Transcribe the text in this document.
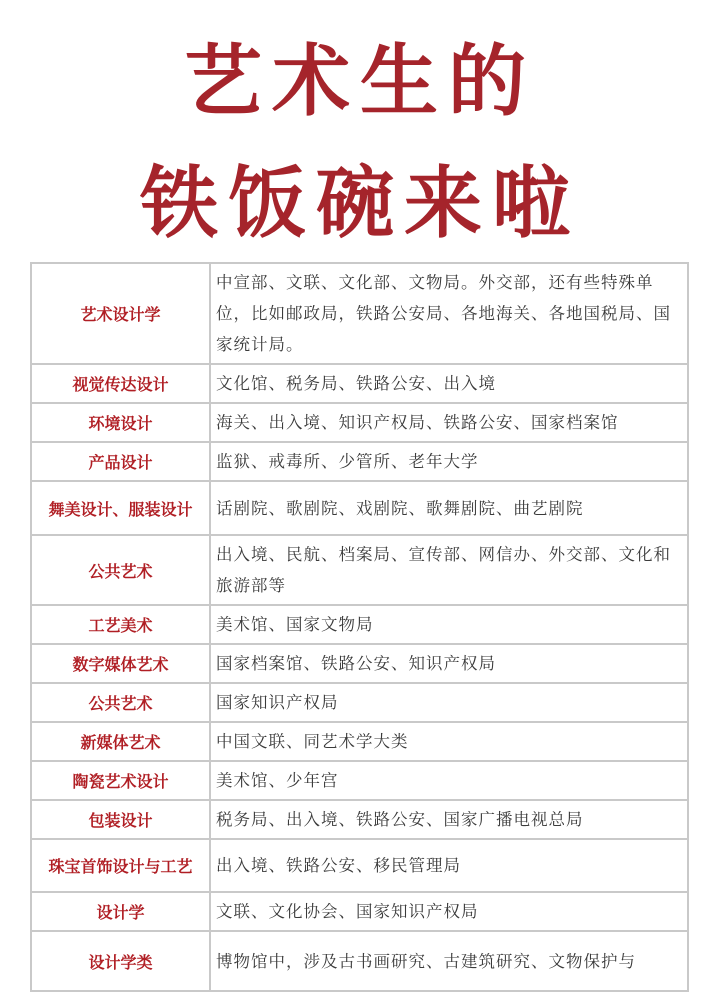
艺术生的
铁饭碗来啦
艺术设计学	中宣部、文联、文化部、文物局。外交部，还有些特殊单位，比如邮政局，铁路公安局、各地海关、各地国税局、国家统计局。
视觉传达设计	文化馆、税务局、铁路公安、出入境
环境设计	海关、出入境、知识产权局、铁路公安、国家档案馆
产品设计	监狱、戒毒所、少管所、老年大学
舞美设计、服装设计	话剧院、歌剧院、戏剧院、歌舞剧院、曲艺剧院
公共艺术	出入境、民航、档案局、宣传部、网信办、外交部、文化和旅游部等
工艺美术	美术馆、国家文物局
数字媒体艺术	国家档案馆、铁路公安、知识产权局
公共艺术	国家知识产权局
新媒体艺术	中国文联、同艺术学大类
陶瓷艺术设计	美术馆、少年宫
包装设计	税务局、出入境、铁路公安、国家广播电视总局
珠宝首饰设计与工艺	出入境、铁路公安、移民管理局
设计学	文联、文化协会、国家知识产权局
设计学类	博物馆中，涉及古书画研究、古建筑研究、文物保护与
